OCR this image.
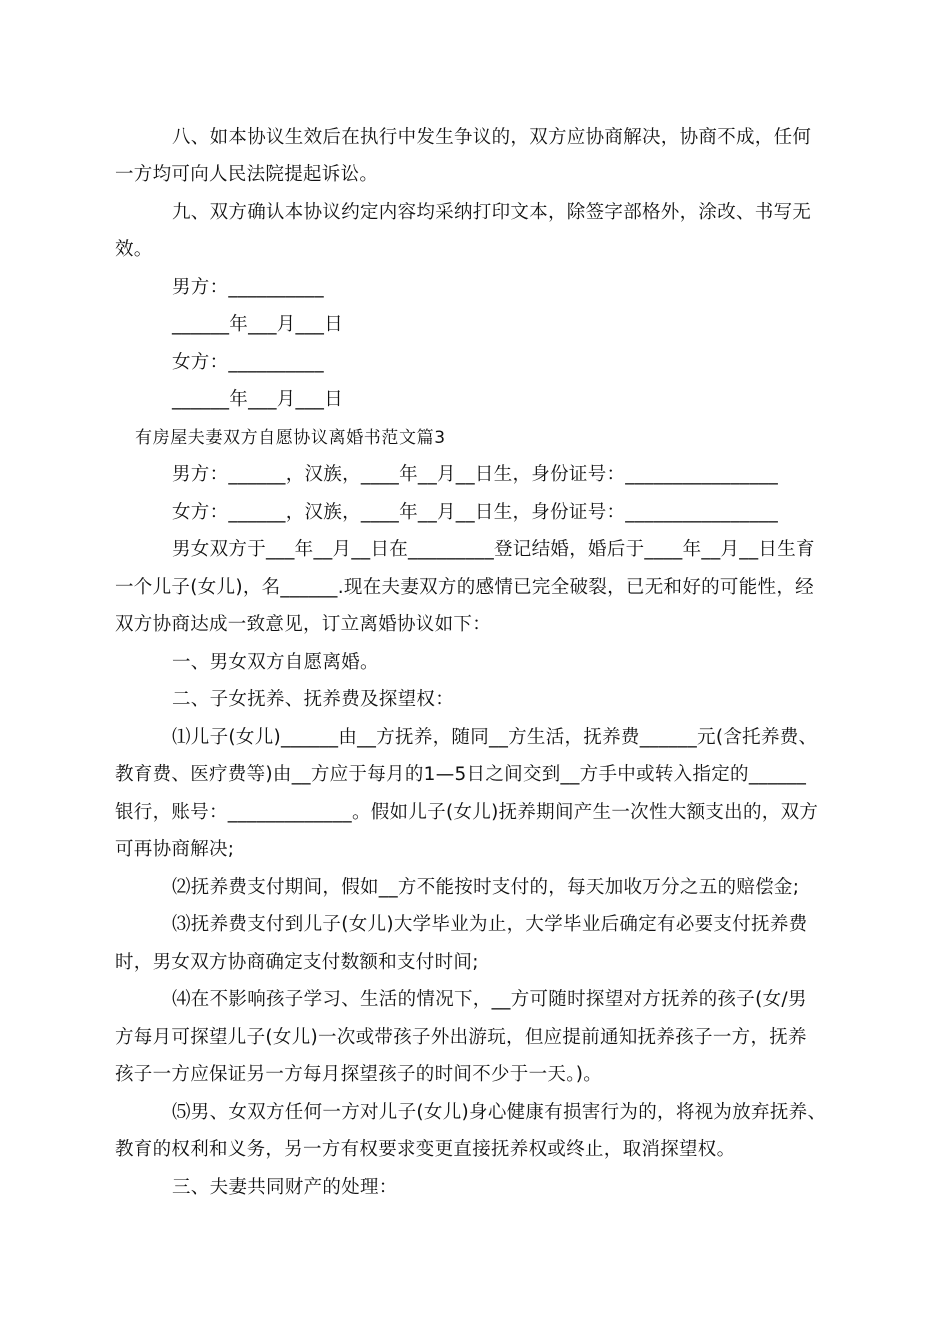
八、如本协议生效后在执行中发生争议的，双方应协商解决，协商不成，任何
一方均可向人民法院提起诉讼。
九、双方确认本协议约定内容均采纳打印文本，除签字部格外，涂改、书写无
效。
男方：__________
______年___月___日
女方：__________
______年___月___日
有房屋夫妻双方自愿协议离婚书范文篇3
男方：______，汉族，____年__月__日生，身份证号：________________
女方：______，汉族，____年__月__日生，身份证号：________________
男女双方于___年__月__日在_________登记结婚，婚后于____年__月__日生育
一个儿子(女儿)，名______.现在夫妻双方的感情已完全破裂，已无和好的可能性，经
双方协商达成一致意见，订立离婚协议如下：
一、男女双方自愿离婚。
二、子女抚养、抚养费及探望权：
⑴儿子(女儿)______由__方抚养，随同__方生活，抚养费______元(含托养费、
教育费、医疗费等)由__方应于每月的1—5日之间交到__方手中或转入指定的______
银行，账号：_____________。假如儿子(女儿)抚养期间产生一次性大额支出的，双方
可再协商解决;
⑵抚养费支付期间，假如__方不能按时支付的，每天加收万分之五的赔偿金;
⑶抚养费支付到儿子(女儿)大学毕业为止，大学毕业后确定有必要支付抚养费
时，男女双方协商确定支付数额和支付时间;
⑷在不影响孩子学习、生活的情况下，__方可随时探望对方抚养的孩子(女/男
方每月可探望儿子(女儿)一次或带孩子外出游玩，但应提前通知抚养孩子一方，抚养
孩子一方应保证另一方每月探望孩子的时间不少于一天。)。
⑸男、女双方任何一方对儿子(女儿)身心健康有损害行为的，将视为放弃抚养、
教育的权利和义务，另一方有权要求变更直接抚养权或终止，取消探望权。
三、夫妻共同财产的处理：
